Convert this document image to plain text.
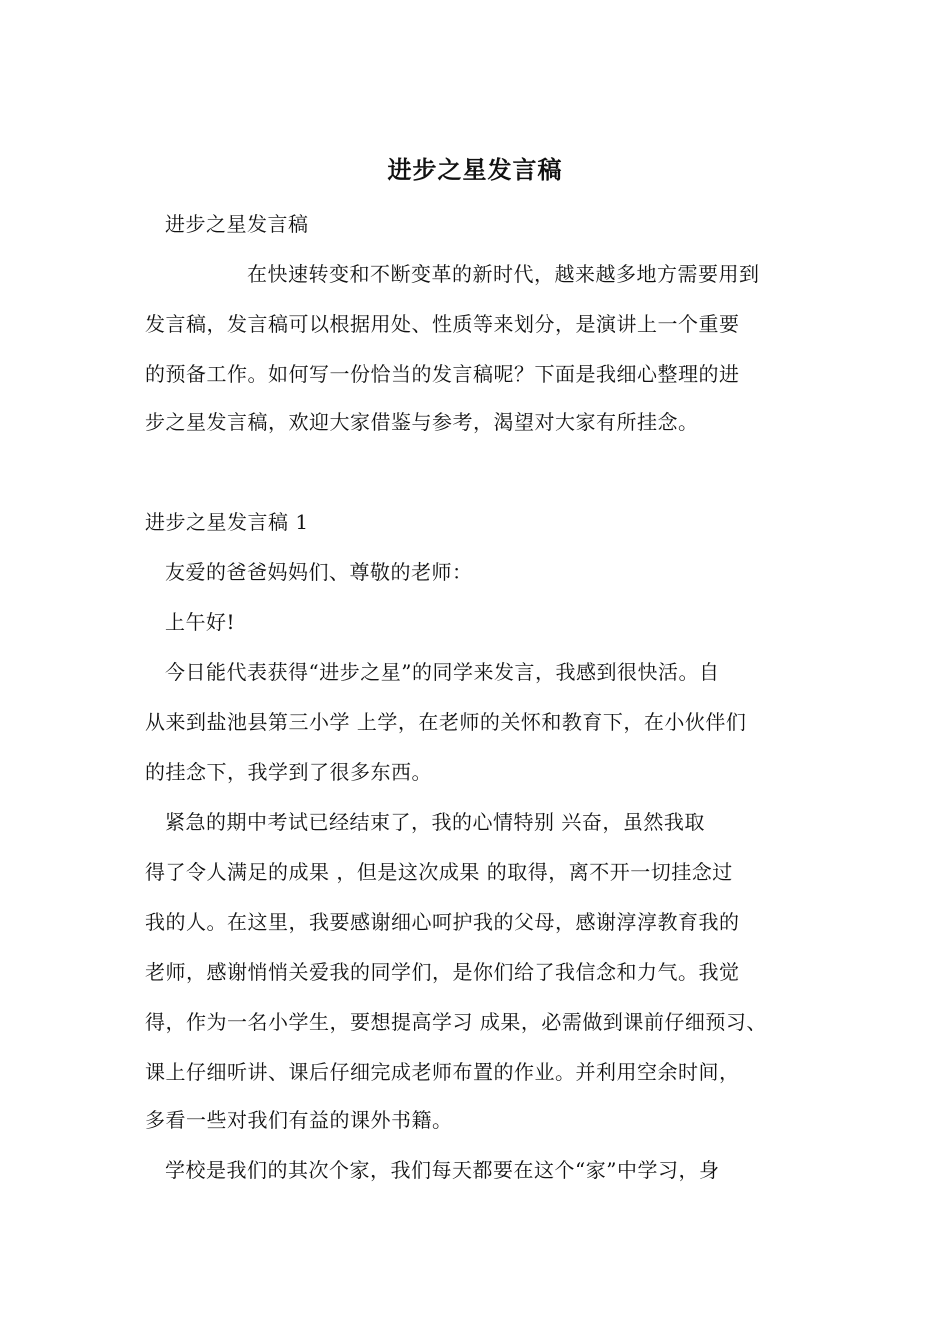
进步之星发言稿
进步之星发言稿
在快速转变和不断变革的新时代，越来越多地方需要用到
发言稿，发言稿可以根据用处、性质等来划分，是演讲上一个重要
的预备工作。如何写一份恰当的发言稿呢？下面是我细心整理的进
步之星发言稿，欢迎大家借鉴与参考，渴望对大家有所挂念。
进步之星发言稿 1
友爱的爸爸妈妈们、尊敬的老师：
上午好!
今日能代表获得“进步之星”的同学来发言，我感到很快活。自
从来到盐池县第三小学 上学，在老师的关怀和教育下，在小伙伴们
的挂念下，我学到了很多东西。
紧急的期中考试已经结束了，我的心情特别 兴奋，虽然我取
得了令人满足的成果 ，但是这次成果 的取得，离不开一切挂念过
我的人。在这里，我要感谢细心呵护我的父母，感谢淳淳教育我的
老师，感谢悄悄关爱我的同学们，是你们给了我信念和力气。我觉
得，作为一名小学生，要想提高学习 成果，必需做到课前仔细预习、
课上仔细听讲、课后仔细完成老师布置的作业。并利用空余时间，
多看一些对我们有益的课外书籍。
学校是我们的其次个家，我们每天都要在这个“家”中学习，身
